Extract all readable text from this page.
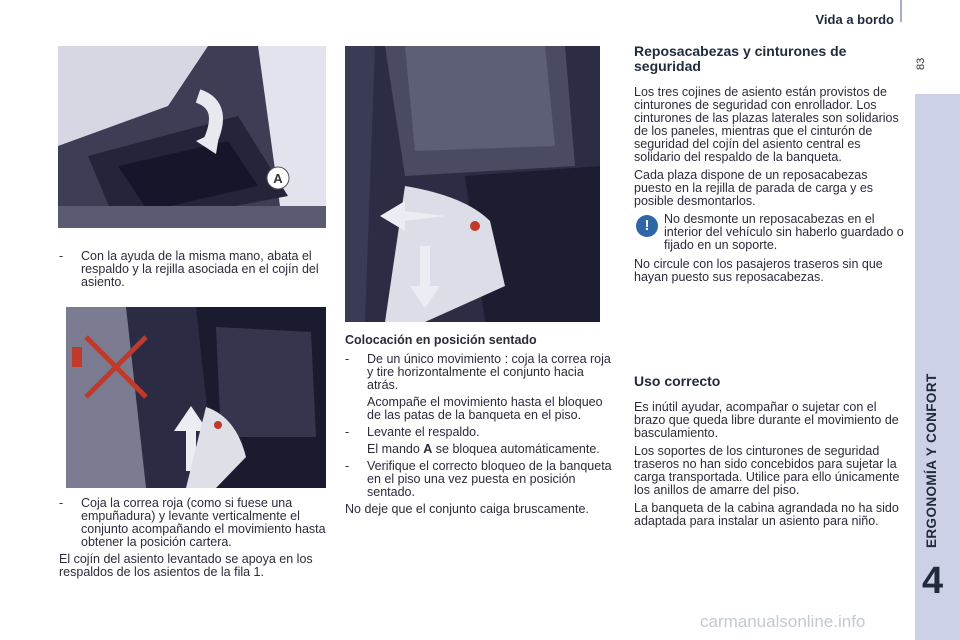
Vida a bordo
83
ERGONOMÍA Y CONFORT
4
A
- Con la ayuda de la misma mano, abata el respaldo y la rejilla asociada en el cojín del asiento.
- Coja la correa roja (como si fuese una empuñadura) y levante verticalmente el conjunto acompañando el movimiento hasta obtener la posición cartera.

El cojín del asiento levantado se apoya en los respaldos de los asientos de la fila 1.

Colocación en posición sentado
- De un único movimiento : coja la correa roja y tire horizontalmente el conjunto hacia atrás.
Acompañe el movimiento hasta el bloqueo de las patas de la banqueta en el piso.
- Levante el respaldo.
El mando A se bloquea automáticamente.
- Verifique el correcto bloqueo de la banqueta en el piso una vez puesta en posición sentado.

No deje que el conjunto caiga bruscamente.

Reposacabezas y cinturones de seguridad

Los tres cojines de asiento están provistos de cinturones de seguridad con enrollador. Los cinturones de las plazas laterales son solidarios de los paneles, mientras que el cinturón de seguridad del cojín del asiento central es solidario del respaldo de la banqueta.

Cada plaza dispone de un reposacabezas puesto en la rejilla de parada de carga y es posible desmontarlos.

!	No desmonte un reposacabezas en el interior del vehículo sin haberlo guardado o fijado en un soporte.

No circule con los pasajeros traseros sin que hayan puesto sus reposacabezas.

Uso correcto

Es inútil ayudar, acompañar o sujetar con el brazo que queda libre durante el movimiento de basculamiento.

Los soportes de los cinturones de seguridad traseros no han sido concebidos para sujetar la carga transportada. Utilice para ello únicamente los anillos de amarre del piso.

La banqueta de la cabina agrandada no ha sido adaptada para instalar un asiento para niño.

carmanualsonline.info
